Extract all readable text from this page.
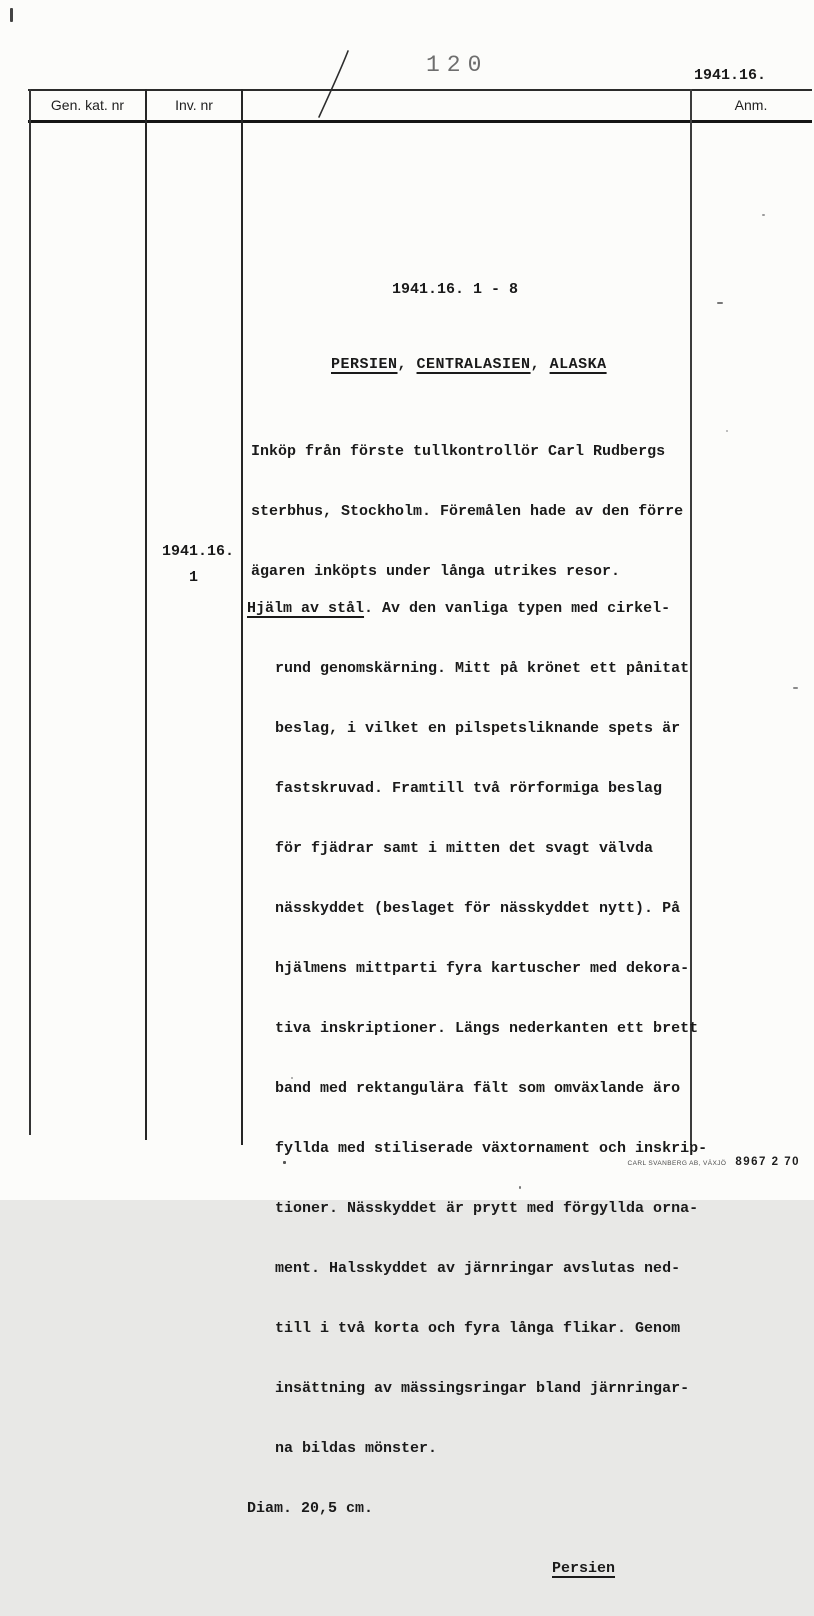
120	1941.16.
Gen. kat. nr	Inv. nr	Anm.
1941.16. 1 - 8
PERSIEN, CENTRALASIEN, ALASKA

Inköp från förste tullkontrollör Carl Rudbergs

sterbhus, Stockholm. Föremålen hade av den förre

ägaren inköpts under långa utrikes resor.

1941.16.
1

Hjälm av stål. Av den vanliga typen med cirkel-

rund genomskärning. Mitt på krönet ett pånitat

beslag, i vilket en pilspetsliknande spets är

fastskruvad. Framtill två rörformiga beslag

för fjädrar samt i mitten det svagt välvda

nässkyddet (beslaget för nässkyddet nytt). På

hjälmens mittparti fyra kartuscher med dekora-

tiva inskriptioner. Längs nederkanten ett brett

band med rektangulära fält som omväxlande äro

fyllda med stiliserade växtornament och inskrip-

tioner. Nässkyddet är prytt med förgyllda orna-

ment. Halsskyddet av järnringar avslutas ned-

till i två korta och fyra långa flikar. Genom

insättning av mässingsringar bland järnringar-

na bildas mönster.

Diam. 20,5 cm.

Persien

CARL SVANBERG AB, VÄXJÖ 8967 2 70
